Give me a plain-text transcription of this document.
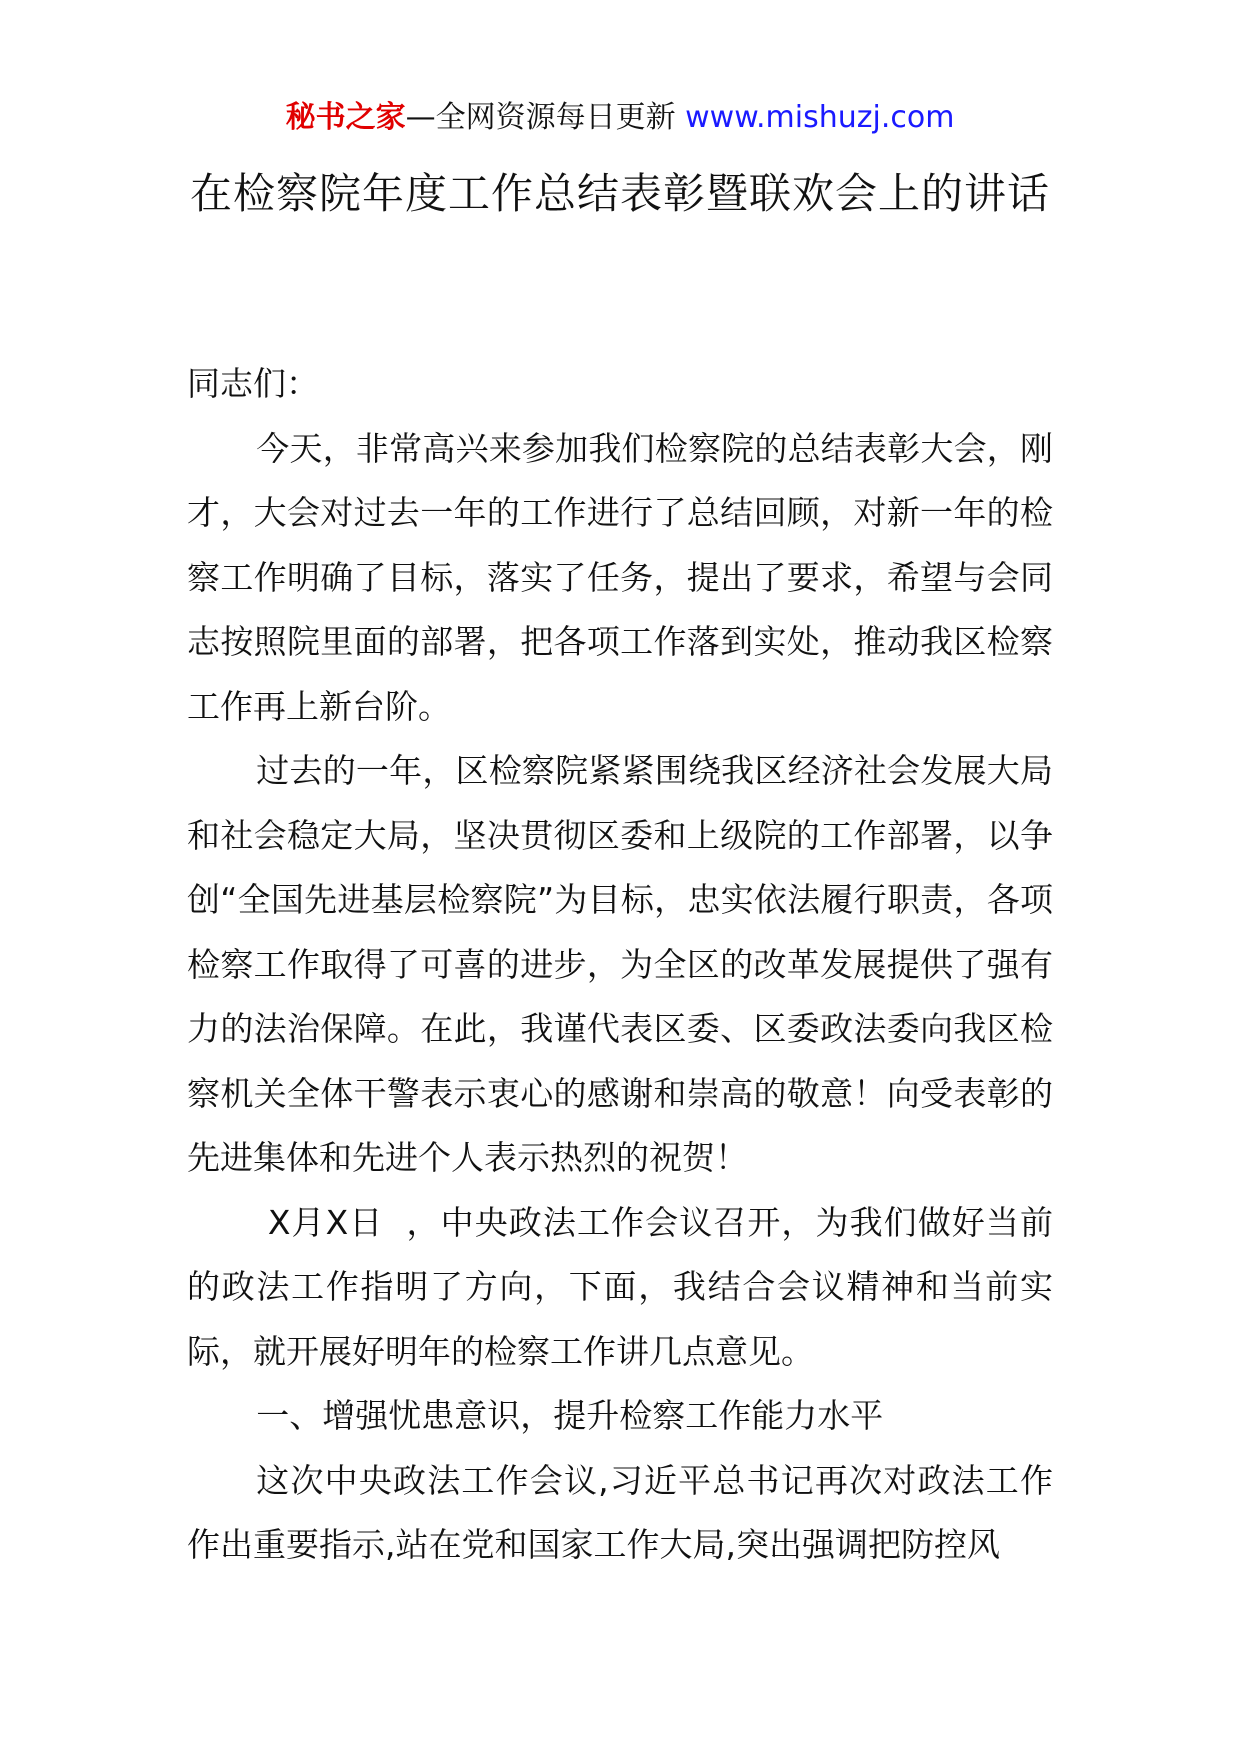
秘书之家—全网资源每日更新 www.mishuzj.com
在检察院年度工作总结表彰暨联欢会上的讲话

同志们：

今天，非常高兴来参加我们检察院的总结表彰大会，刚才，大会对过去一年的工作进行了总结回顾，对新一年的检察工作明确了目标，落实了任务，提出了要求，希望与会同志按照院里面的部署，把各项工作落到实处，推动我区检察工作再上新台阶。

过去的一年，区检察院紧紧围绕我区经济社会发展大局和社会稳定大局，坚决贯彻区委和上级院的工作部署，以争创“全国先进基层检察院”为目标，忠实依法履行职责，各项检察工作取得了可喜的进步，为全区的改革发展提供了强有力的法治保障。在此，我谨代表区委、区委政法委向我区检察机关全体干警表示衷心的感谢和崇高的敬意！向受表彰的先进集体和先进个人表示热烈的祝贺！

X月X日  ，中央政法工作会议召开，为我们做好当前的政法工作指明了方向，下面，我结合会议精神和当前实际，就开展好明年的检察工作讲几点意见。

一、增强忧患意识，提升检察工作能力水平

这次中央政法工作会议,习近平总书记再次对政法工作作出重要指示,站在党和国家工作大局,突出强调把防控风
